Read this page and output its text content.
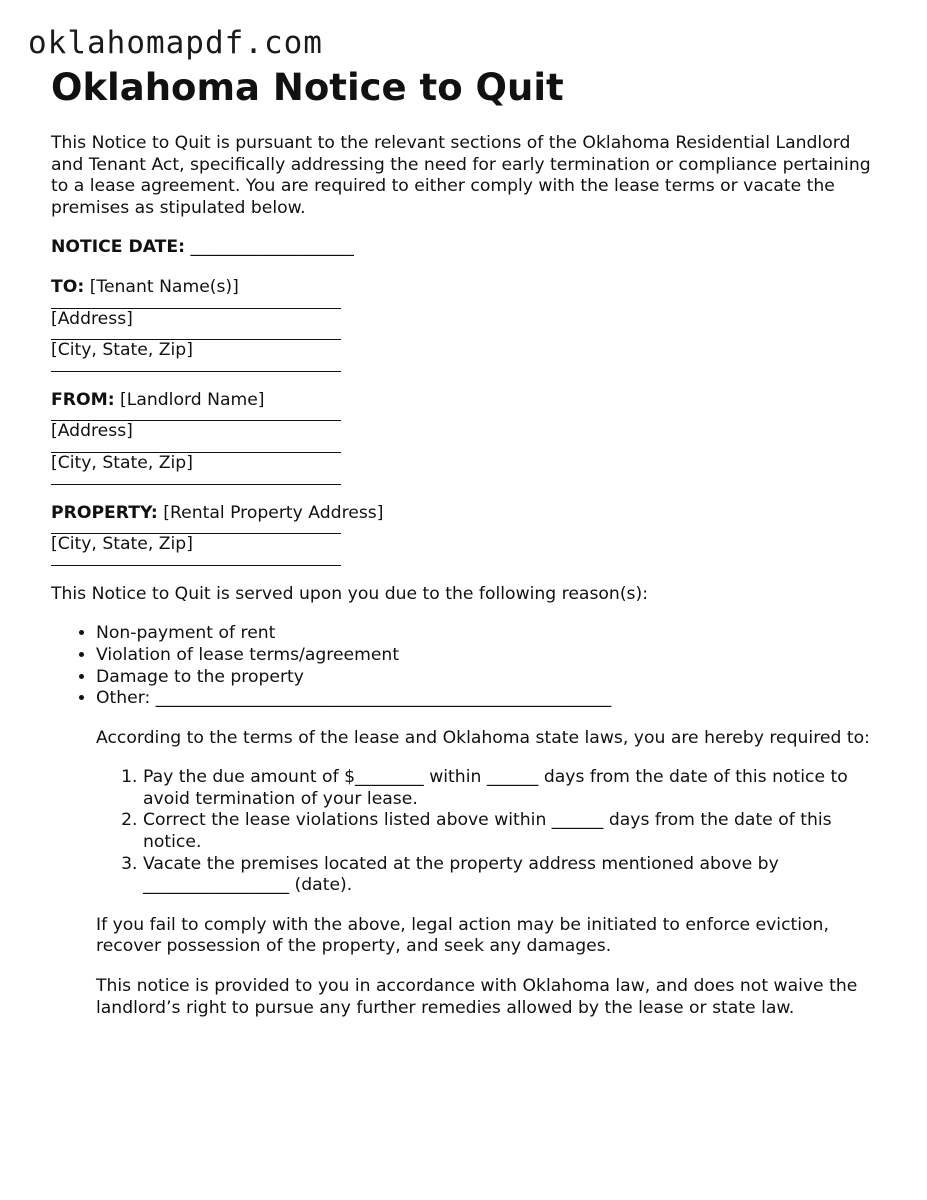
oklahomapdf.com
Oklahoma Notice to Quit

This Notice to Quit is pursuant to the relevant sections of the Oklahoma Residential Landlord and Tenant Act, specifically addressing the need for early termination or compliance pertaining to a lease agreement. You are required to either comply with the lease terms or vacate the premises as stipulated below.

NOTICE DATE: ___________________

TO: [Tenant Name(s)]
[Address]
[City, State, Zip]
FROM: [Landlord Name]
[Address]
[City, State, Zip]
PROPERTY: [Rental Property Address]
[City, State, Zip]

This Notice to Quit is served upon you due to the following reason(s):

• Non-payment of rent
• Violation of lease terms/agreement
• Damage to the property
• Other: _____________________________________________________

According to the terms of the lease and Oklahoma state laws, you are hereby required to:

1. Pay the due amount of $________ within ______ days from the date of this notice to avoid termination of your lease.
2. Correct the lease violations listed above within ______ days from the date of this notice.
3. Vacate the premises located at the property address mentioned above by _________________ (date).

If you fail to comply with the above, legal action may be initiated to enforce eviction, recover possession of the property, and seek any damages.

This notice is provided to you in accordance with Oklahoma law, and does not waive the landlord’s right to pursue any further remedies allowed by the lease or state law.
